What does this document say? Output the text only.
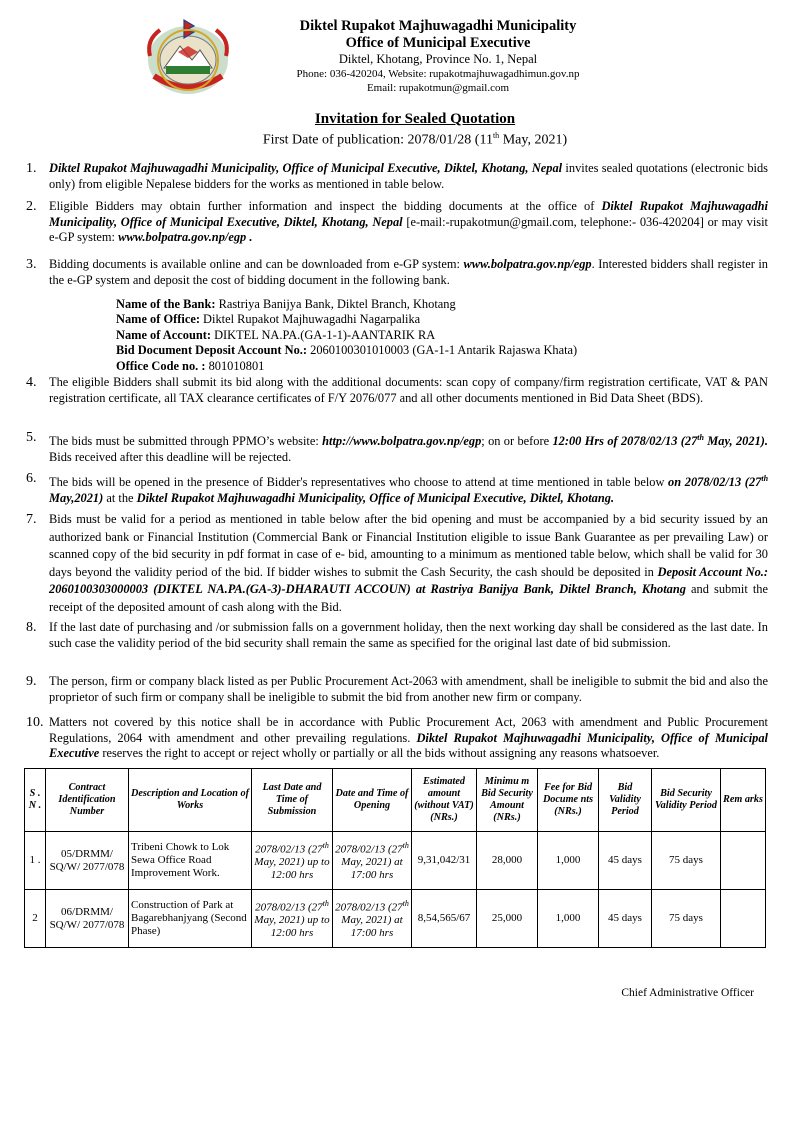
Diktel Rupakot Majhuwagadhi Municipality
Office of Municipal Executive
Diktel, Khotang, Province No. 1, Nepal
Phone: 036-420204, Website: rupakotmajhuwagadhimun.gov.np
Email: rupakotmun@gmail.com
Invitation for Sealed Quotation
First Date of publication: 2078/01/28 (11th May, 2021)
1.	Diktel Rupakot Majhuwagadhi Municipality, Office of Municipal Executive, Diktel, Khotang, Nepal invites sealed quotations (electronic bids only) from eligible Nepalese bidders for the works as mentioned in table below.
2.	Eligible Bidders may obtain further information and inspect the bidding documents at the office of Diktel Rupakot Majhuwagadhi Municipality, Office of Municipal Executive, Diktel, Khotang, Nepal [e-mail:-rupakotmun@gmail.com, telephone:- 036-420204] or may visit e-GP system: www.bolpatra.gov.np/egp .
3.	Bidding documents is available online and can be downloaded from e-GP system: www.bolpatra.gov.np/egp. Interested bidders shall register in the e-GP system and deposit the cost of bidding document in the following bank.
Name of the Bank: Rastriya Banijya Bank, Diktel Branch, Khotang
Name of Office: Diktel Rupakot Majhuwagadhi Nagarpalika
Name of Account: DIKTEL NA.PA.(GA-1-1)-AANTARIK RA
Bid Document Deposit Account No.: 2060100301010003 (GA-1-1 Antarik Rajaswa Khata)
Office Code no. : 801010801
4.	The eligible Bidders shall submit its bid along with the additional documents: scan copy of company/firm registration certificate, VAT & PAN registration certificate, all TAX clearance certificates of F/Y 2076/077 and all other documents mentioned in Bid Data Sheet (BDS).
5.	The bids must be submitted through PPMO’s website: http://www.bolpatra.gov.np/egp; on or before 12:00 Hrs of 2078/02/13 (27th May, 2021). Bids received after this deadline will be rejected.
6.	The bids will be opened in the presence of Bidder's representatives who choose to attend at time mentioned in table below on 2078/02/13 (27th May,2021) at the Diktel Rupakot Majhuwagadhi Municipality, Office of Municipal Executive, Diktel, Khotang.
7.	Bids must be valid for a period as mentioned in table below after the bid opening and must be accompanied by a bid security issued by an authorized bank or Financial Institution (Commercial Bank or Financial Institution eligible to issue Bank Guarantee as per prevailing Law) or scanned copy of the bid security in pdf format in case of e- bid, amounting to a minimum as mentioned table below, which shall be valid for 30 days beyond the validity period of the bid. If bidder wishes to submit the Cash Security, the cash should be deposited in Deposit Account No.: 2060100303000003 (DIKTEL NA.PA.(GA-3)-DHARAUTI ACCOUN) at Rastriya Banijya Bank, Diktel Branch, Khotang and submit the receipt of the deposited amount of cash along with the Bid.
8.	If the last date of purchasing and /or submission falls on a government holiday, then the next working day shall be considered as the last date. In such case the validity period of the bid security shall remain the same as specified for the original last date of bid submission.
9.	The person, firm or company black listed as per Public Procurement Act-2063 with amendment, shall be ineligible to submit the bid and also the proprietor of such firm or company shall be ineligible to submit the bid from another new firm or company.
10. Matters not covered by this notice shall be in accordance with Public Procurement Act, 2063 with amendment and Public Procurement Regulations, 2064 with amendment and other prevailing regulations. Diktel Rupakot Majhuwagadhi Municipality, Office of Municipal Executive reserves the right to accept or reject wholly or partially or all the bids without assigning any reasons whatsoever.
S . N .	Contract Identification Number	Description and Location of Works	Last Date and Time of Submission	Date and Time of Opening	Estimated amount (without VAT) (NRs.)	Minimu m Bid Security Amount (NRs.)	Fee for Bid Docume nts (NRs.)	Bid Validity Period	Bid Security Validity Period	Rem arks
1 .	05/DRMM/ SQ/W/ 2077/078	Tribeni Chowk to Lok Sewa Office Road Improvement Work.	2078/02/13 (27th May, 2021) up to 12:00 hrs	2078/02/13 (27th May, 2021) at 17:00 hrs	9,31,042/31	28,000	1,000	45 days	75 days	
2	06/DRMM/ SQ/W/ 2077/078	Construction of Park at Bagarebhanjyang (Second Phase)	2078/02/13 (27th May, 2021) up to 12:00 hrs	2078/02/13 (27th May, 2021) at 17:00 hrs	8,54,565/67	25,000	1,000	45 days	75 days	
Chief Administrative Officer
